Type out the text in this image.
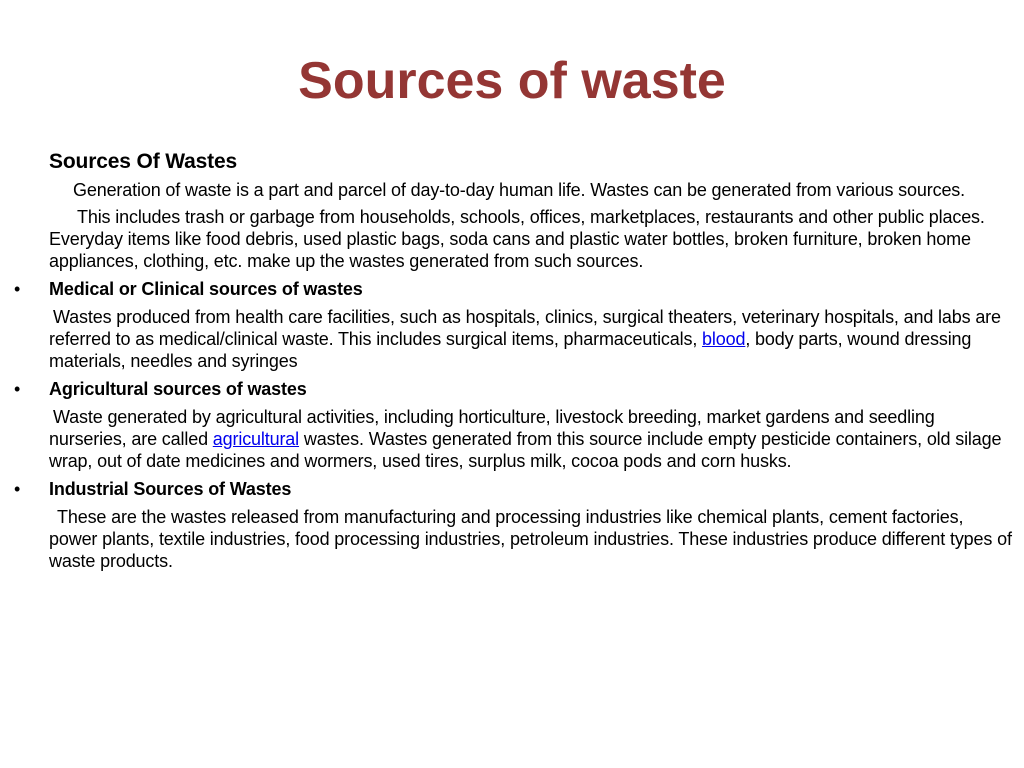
Sources of waste
Sources Of Wastes

Generation of waste is a part and parcel of day-to-day human life. Wastes can be generated from various sources.

This includes trash or garbage from households, schools, offices, marketplaces, restaurants and other public places. Everyday items like food debris, used plastic bags, soda cans and plastic water bottles, broken furniture, broken home appliances, clothing, etc. make up the wastes generated from such sources.

• Medical or Clinical sources of wastes

Wastes produced from health care facilities, such as hospitals, clinics, surgical theaters, veterinary hospitals, and labs are referred to as medical/clinical waste. This includes surgical items, pharmaceuticals, blood, body parts, wound dressing materials, needles and syringes

• Agricultural sources of wastes

Waste generated by agricultural activities, including horticulture, livestock breeding, market gardens and seedling nurseries, are called agricultural wastes. Wastes generated from this source include empty pesticide containers, old silage wrap, out of date medicines and wormers, used tires, surplus milk, cocoa pods and corn husks.

• Industrial Sources of Wastes

These are the wastes released from manufacturing and processing industries like chemical plants, cement factories, power plants, textile industries, food processing industries, petroleum industries. These industries produce different types of waste products.
